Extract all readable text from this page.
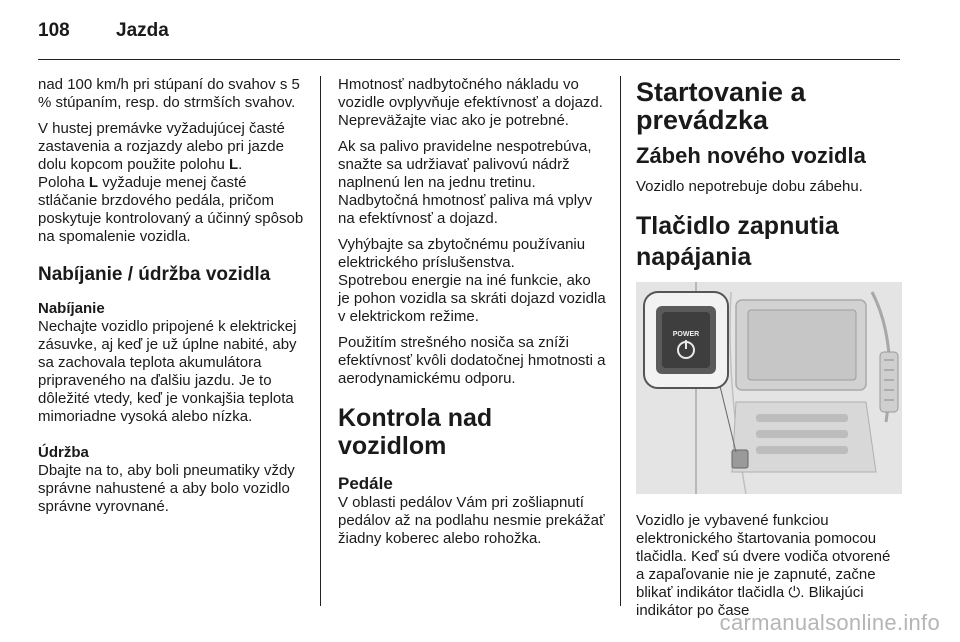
108	Jazda

nad 100 km/h pri stúpaní do svahov s 5 % stúpaním, resp. do strmších svahov.

V hustej premávke vyžadujúcej časté zastavenia a rozjazdy alebo pri jazde dolu kopcom použite polohu L.

Poloha L vyžaduje menej časté stláčanie brzdového pedála, pričom poskytuje kontrolovaný a účinný spôsob na spomalenie vozidla.

Nabíjanie / údržba vozidla
Nabíjanie

Nechajte vozidlo pripojené k elektrickej zásuvke, aj keď je už úplne nabité, aby sa zachovala teplota akumulátora pripraveného na ďalšiu jazdu. Je to dôležité vtedy, keď je vonkajšia teplota mimoriadne vysoká alebo nízka.

Údržba

Dbajte na to, aby boli pneumatiky vždy správne nahustené a aby bolo vozidlo správne vyrovnané.

Hmotnosť nadbytočného nákladu vo vozidle ovplyvňuje efektívnosť a dojazd. Nepreväžajte viac ako je potrebné.

Ak sa palivo pravidelne nespotrebúva, snažte sa udržiavať palivovú nádrž naplnenú len na jednu tretinu. Nadbytočná hmotnosť paliva má vplyv na efektívnosť a dojazd.

Vyhýbajte sa zbytočnému používaniu elektrického príslušenstva.

Spotrebou energie na iné funkcie, ako je pohon vozidla sa skráti dojazd vozidla v elektrickom režime.

Použitím strešného nosiča sa zníži efektívnosť kvôli dodatočnej hmotnosti a aerodynamickému odporu.

Kontrola nad vozidlom
Pedále

V oblasti pedálov Vám pri zošliapnutí pedálov až na podlahu nesmie prekážať žiadny koberec alebo rohožka.

Startovanie a
prevádzka
Zábeh nového vozidla

Vozidlo nepotrebuje dobu zábehu.

Tlačidlo zapnutia
napájania
POWER

Vozidlo je vybavené funkciou elektronického štartovania pomocou tlačidla. Keď sú dvere vodiča otvorené a zapaľovanie nie je zapnuté, začne blikať indikátor tlačidla ⏻. Blikajúci indikátor po čase

carmanualsonline.info
